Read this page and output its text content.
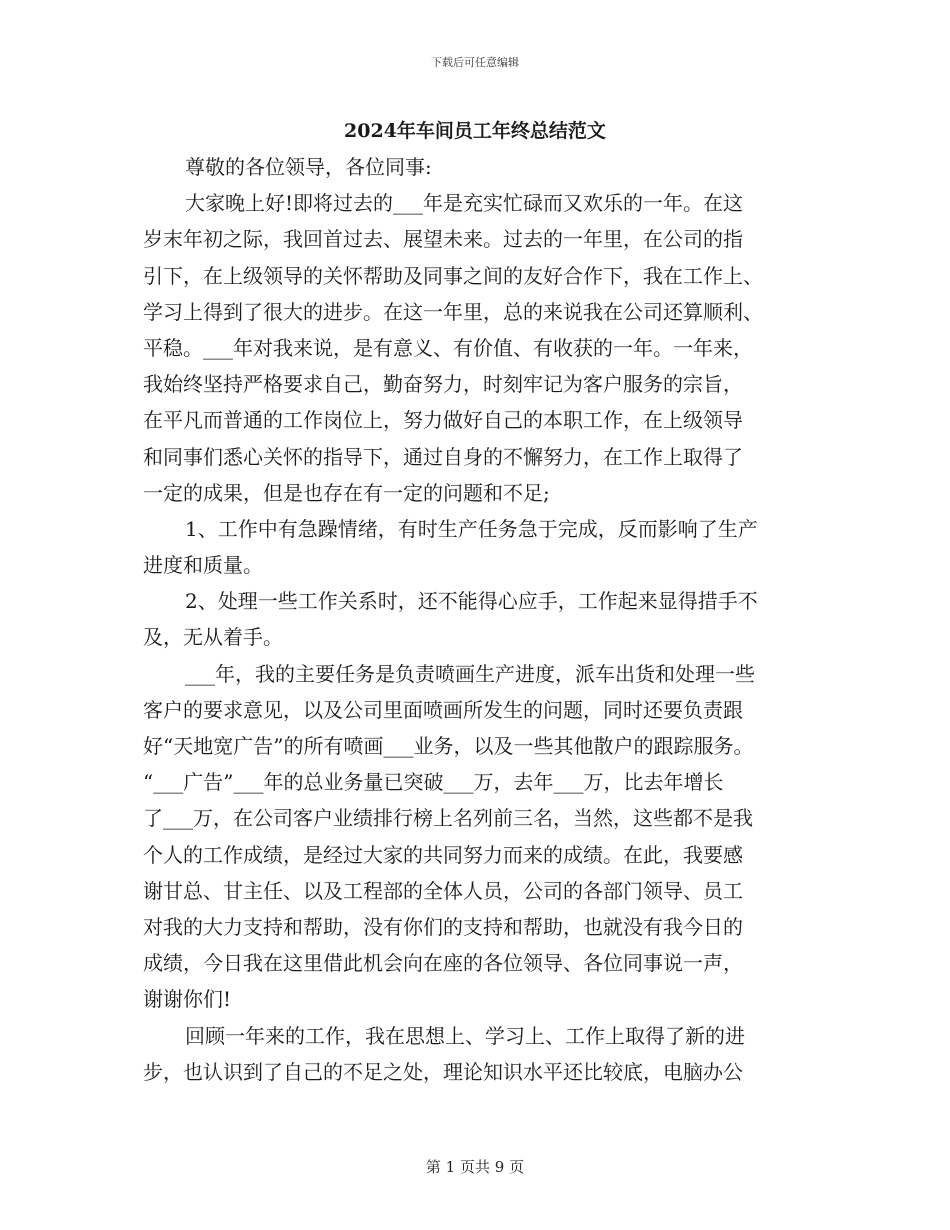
下载后可任意编辑
2024年车间员工年终总结范文
尊敬的各位领导，各位同事:
大家晚上好!即将过去的___年是充实忙碌而又欢乐的一年。在这
岁末年初之际，我回首过去、展望未来。过去的一年里，在公司的指
引下，在上级领导的关怀帮助及同事之间的友好合作下，我在工作上、
学习上得到了很大的进步。在这一年里，总的来说我在公司还算顺利、
平稳。___年对我来说，是有意义、有价值、有收获的一年。一年来，
我始终坚持严格要求自己，勤奋努力，时刻牢记为客户服务的宗旨，
在平凡而普通的工作岗位上，努力做好自己的本职工作，在上级领导
和同事们悉心关怀的指导下，通过自身的不懈努力，在工作上取得了
一定的成果，但是也存在有一定的问题和不足;
1、工作中有急躁情绪，有时生产任务急于完成，反而影响了生产
进度和质量。
2、处理一些工作关系时，还不能得心应手，工作起来显得措手不
及，无从着手。
___年，我的主要任务是负责喷画生产进度，派车出货和处理一些
客户的要求意见，以及公司里面喷画所发生的问题，同时还要负责跟
好“天地宽广告”的所有喷画___业务，以及一些其他散户的跟踪服务。
“___广告”___年的总业务量已突破___万，去年___万，比去年增长
了___万，在公司客户业绩排行榜上名列前三名，当然，这些都不是我
个人的工作成绩，是经过大家的共同努力而来的成绩。在此，我要感
谢甘总、甘主任、以及工程部的全体人员，公司的各部门领导、员工
对我的大力支持和帮助，没有你们的支持和帮助，也就没有我今日的
成绩，今日我在这里借此机会向在座的各位领导、各位同事说一声，
谢谢你们!
回顾一年来的工作，我在思想上、学习上、工作上取得了新的进
步，也认识到了自己的不足之处，理论知识水平还比较底，电脑办公
第 1 页共 9 页
